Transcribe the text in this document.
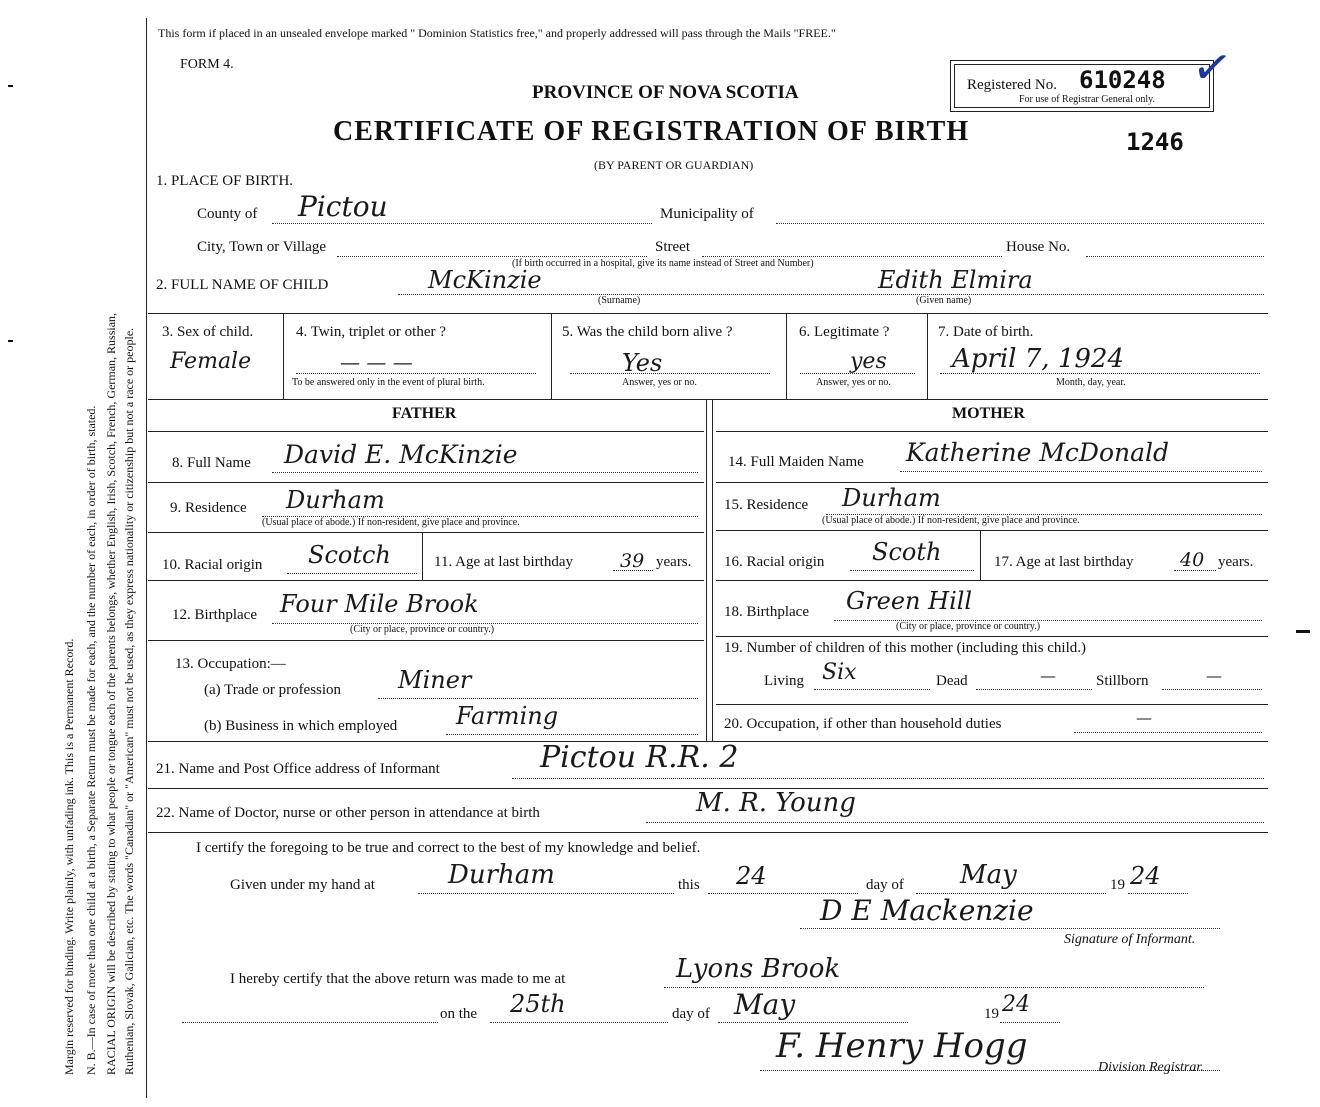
Margin reserved for binding. Write plainly, with unfading ink. This is a Permanent Record. N. B.—In case of more than one child at a birth, a Separate Return must be made for each, and the number of each, in order of birth, stated. RACIAL ORIGIN will be described by stating to what people or tongue each of the parents belongs, whether English, Irish, Scotch, French, German, Russian, Ruthenian, Slovak, Galician, etc. The words "Canadian" or "American" must not be used, as they express nationality or citizenship but not a race or people.
This form if placed in an unsealed envelope marked " Dominion Statistics free," and properly addressed will pass through the Mails "FREE."
FORM 4.
PROVINCE OF NOVA SCOTIA
CERTIFICATE OF REGISTRATION OF BIRTH
(BY PARENT OR GUARDIAN)
Registered No. 610248
For use of Registrar General only.
✓
1246
1. PLACE OF BIRTH.
County of Pictou	Municipality of
City, Town or Village	Street	House No.
(If birth occurred in a hospital, give its name instead of Street and Number)
2. FULL NAME OF CHILD	McKinzie
(Surname)
Edith Elmira
(Given name)
3. Sex of child.
Female
4. Twin, triplet or other ?
— — —
To be answered only in the event of plural birth.
5. Was the child born alive ?
Yes
Answer, yes or no.
6. Legitimate ?
yes
Answer, yes or no.
7. Date of birth.
April 7, 1924
Month, day, year.
FATHER	MOTHER
8. Full Name David E. McKinzie
9. Residence Durham
(Usual place of abode.) If non-resident, give place and province.
10. Racial origin Scotch	11. Age at last birthday 39 years.
12. Birthplace Four Mile Brook
(City or place, province or country.)
13. Occupation:—
(a) Trade or profession Miner
(b) Business in which employed Farming
14. Full Maiden Name Katherine McDonald
15. Residence Durham
(Usual place of abode.) If non-resident, give place and province.
16. Racial origin Scoth	17. Age at last birthday 40 years.
18. Birthplace Green Hill
(City or place, province or country.)
19. Number of children of this mother (including this child.)
Living Six	Dead	—	Stillborn	—
20. Occupation, if other than household duties	—
21. Name and Post Office address of Informant	Pictou R.R. 2
22. Name of Doctor, nurse or other person in attendance at birth	M. R. Young
I certify the foregoing to be true and correct to the best of my knowledge and belief.
Given under my hand at	Durham	this 24	day of May	19 24
D E Mackenzie
Signature of Informant.
I hereby certify that the above return was made to me at	Lyons Brook
on the 25th	day of May	19 24
F. Henry Hogg
Division Registrar.
